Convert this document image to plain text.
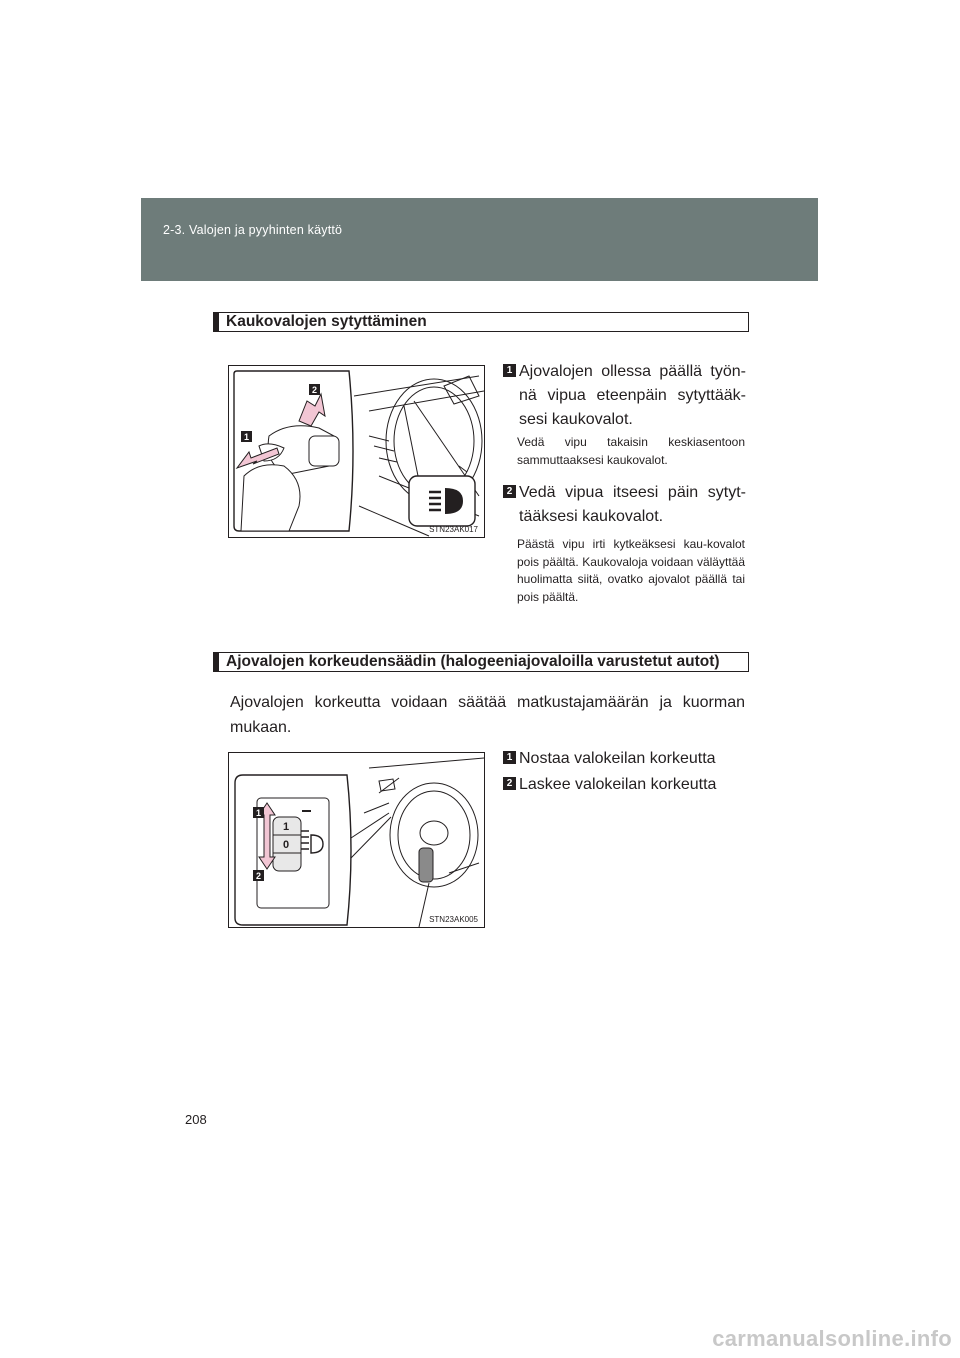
2-3. Valojen ja pyyhinten käyttö
Kaukovalojen sytyttäminen
1
2
STN23AK017
1 Ajovalojen ollessa päällä työn-nä vipua eteenpäin sytyttääk-sesi kaukovalot.
Vedä vipu takaisin keskiasentoon sammuttaaksesi kaukovalot.
2 Vedä vipua itseesi päin sytyt-tääksesi kaukovalot.
Päästä vipu irti kytkeäksesi kau-kovalot pois päältä. Kaukovaloja voidaan väläyttää huolimatta siitä, ovatko ajovalot päällä tai pois päältä.
Ajovalojen korkeudensäädin (halogeeniajovaloilla varustetut autot)
Ajovalojen korkeutta voidaan säätää matkustajamäärän ja kuorman mukaan.
1
0
1
2
STN23AK005
1 Nostaa valokeilan korkeutta
2 Laskee valokeilan korkeutta
208
carmanualsonline.info
